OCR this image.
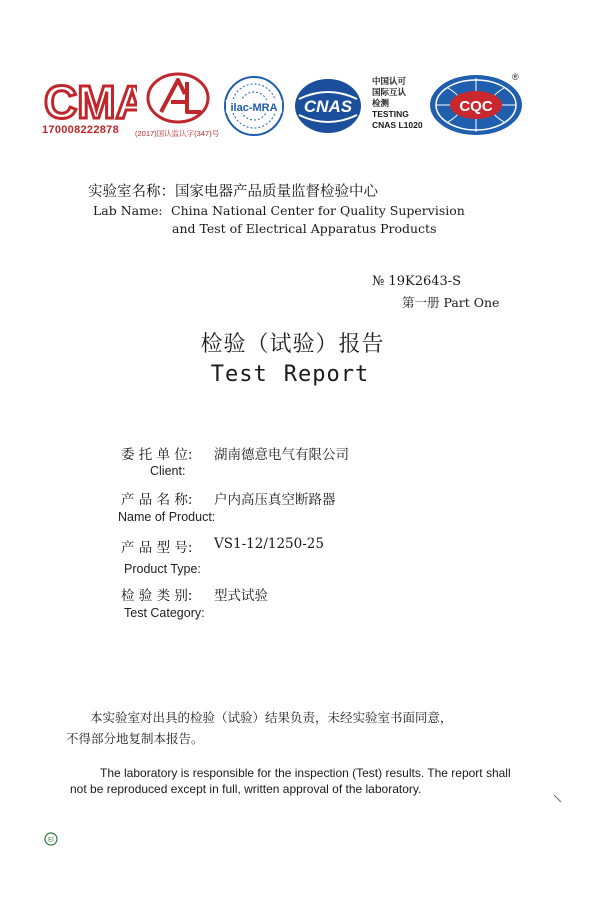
CMA
170008222878 (2017)国认监认字(347)号
ilac-MRA CNAS
中国认可
国际互认
检测
TESTING
CNAS L1020
CQC
®
实验室名称：国家电器产品质量监督检验中心
Lab Name: China National Center for Quality Supervision
and Test of Electrical Apparatus Products
№ 19K2643-S
第一册 Part One
检验（试验）报告
Test Report
委 托 单 位: 湖南德意电气有限公司
Client:
产 品 名 称: 户内高压真空断路器
Name of Product:
产 品 型 号: VS1-12/1250-25
Product Type:
检 验 类 别: 型式试验
Test Category:
本实验室对出具的检验（试验）结果负责，未经实验室书面同意，
不得部分地复制本报告。
The laboratory is responsible for the inspection (Test) results. The report shall
not be reproduced except in full, written approval of the laboratory.
EI
